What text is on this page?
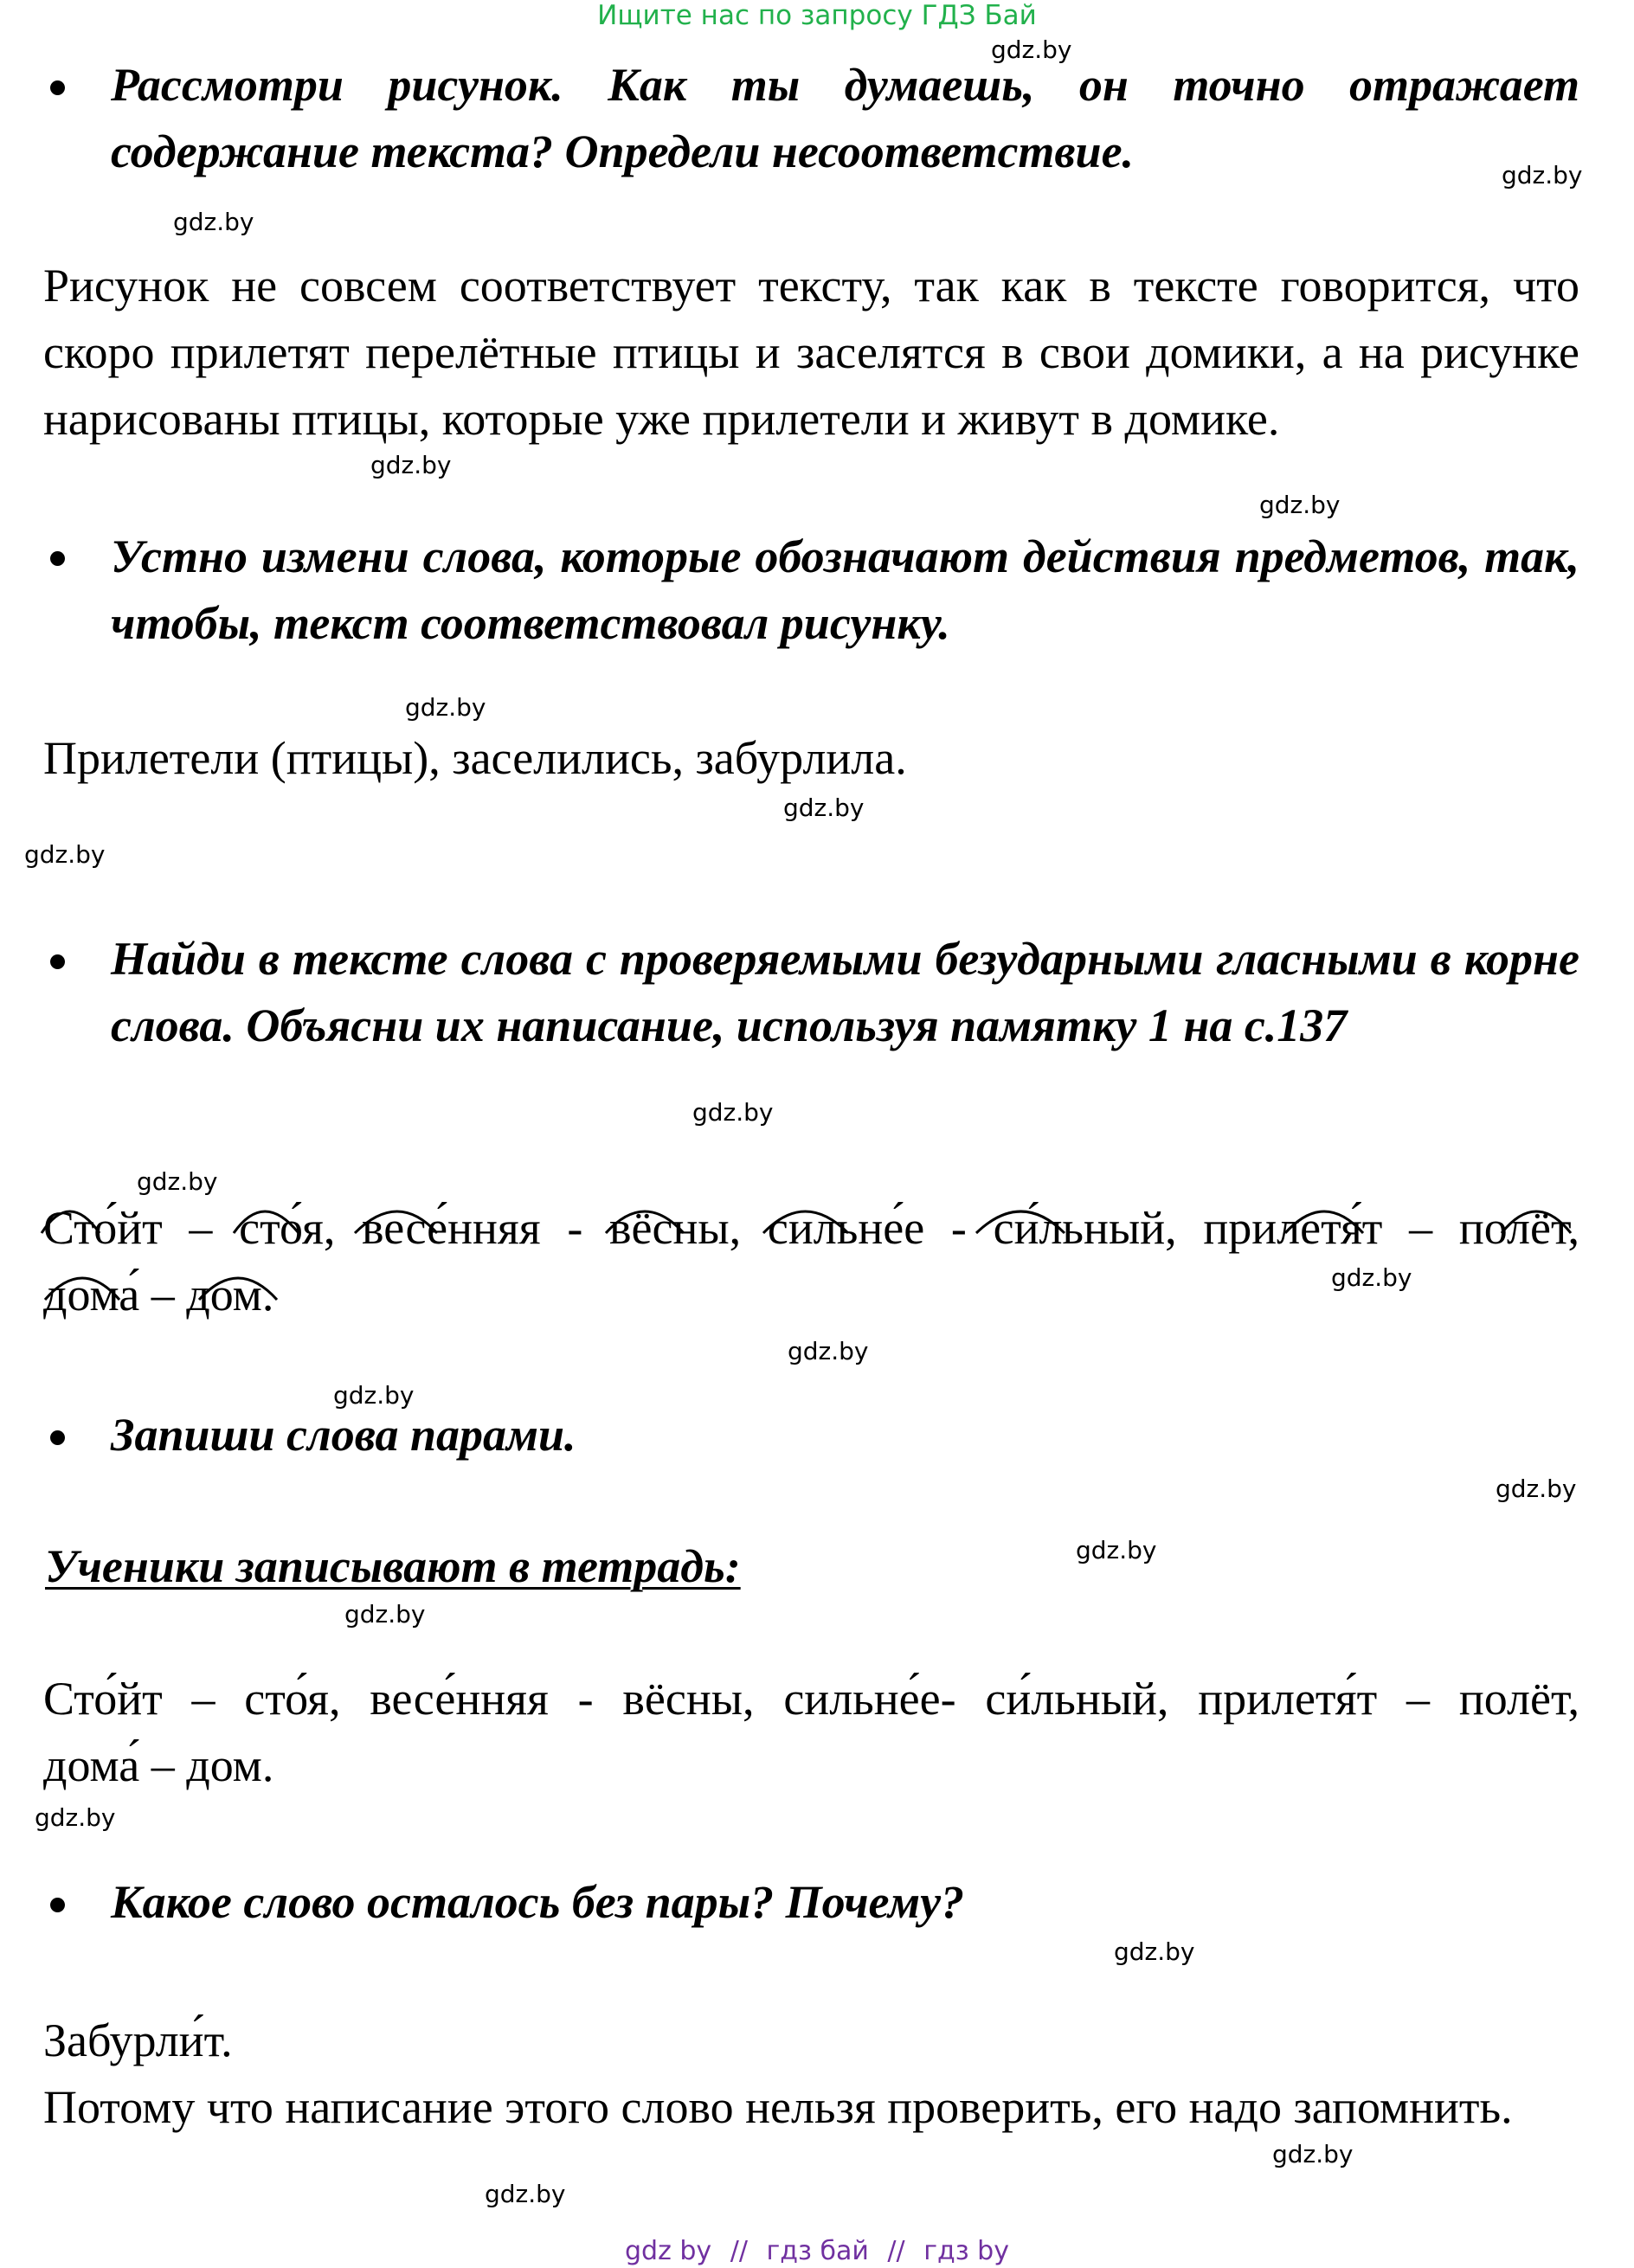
Ищите нас по запросу ГДЗ Бай
gdz.by
gdz.by
gdz.by
gdz.by
gdz.by
gdz.by
gdz.by
gdz.by
gdz.by
gdz.by
gdz.by
gdz.by
gdz.by
gdz.by
gdz.by
gdz.by
gdz.by
gdz.by
gdz.by
gdz.by
Рассмотри рисунок. Как ты думаешь, он точно отражает содержание текста? Определи несоответствие.
Рисунок не совсем соответствует тексту, так как в тексте говорится, что скоро прилетят перелётные птицы и заселятся в свои домики, а на рисунке нарисованы птицы, которые уже прилетели и живут в домике.
Устно измени слова, которые обозначают действия предметов, так, чтобы, текст соответствовал рисунку.
Прилетели (птицы), заселились, забурлила.
Найди в тексте слова с проверяемыми безударными гласными в корне слова. Объясни их написание, используя памятку 1 на с.137
Сто́йт – сто́я, весе́нняя - вёсны, сильне́е - си́льный, прилетя́т – полёт,
дома́ – дом.
Запиши слова парами.
Ученики записывают в тетрадь:
Сто́йт – сто́я, весе́нняя - вёсны, сильне́е- си́льный, прилетя́т – полёт,
дома́ – дом.
Какое слово осталось без пары? Почему?
Забурли́т.
Потому что написание этого слово нельзя проверить, его надо запомнить.
gdz by // гдз бай // гдз by
